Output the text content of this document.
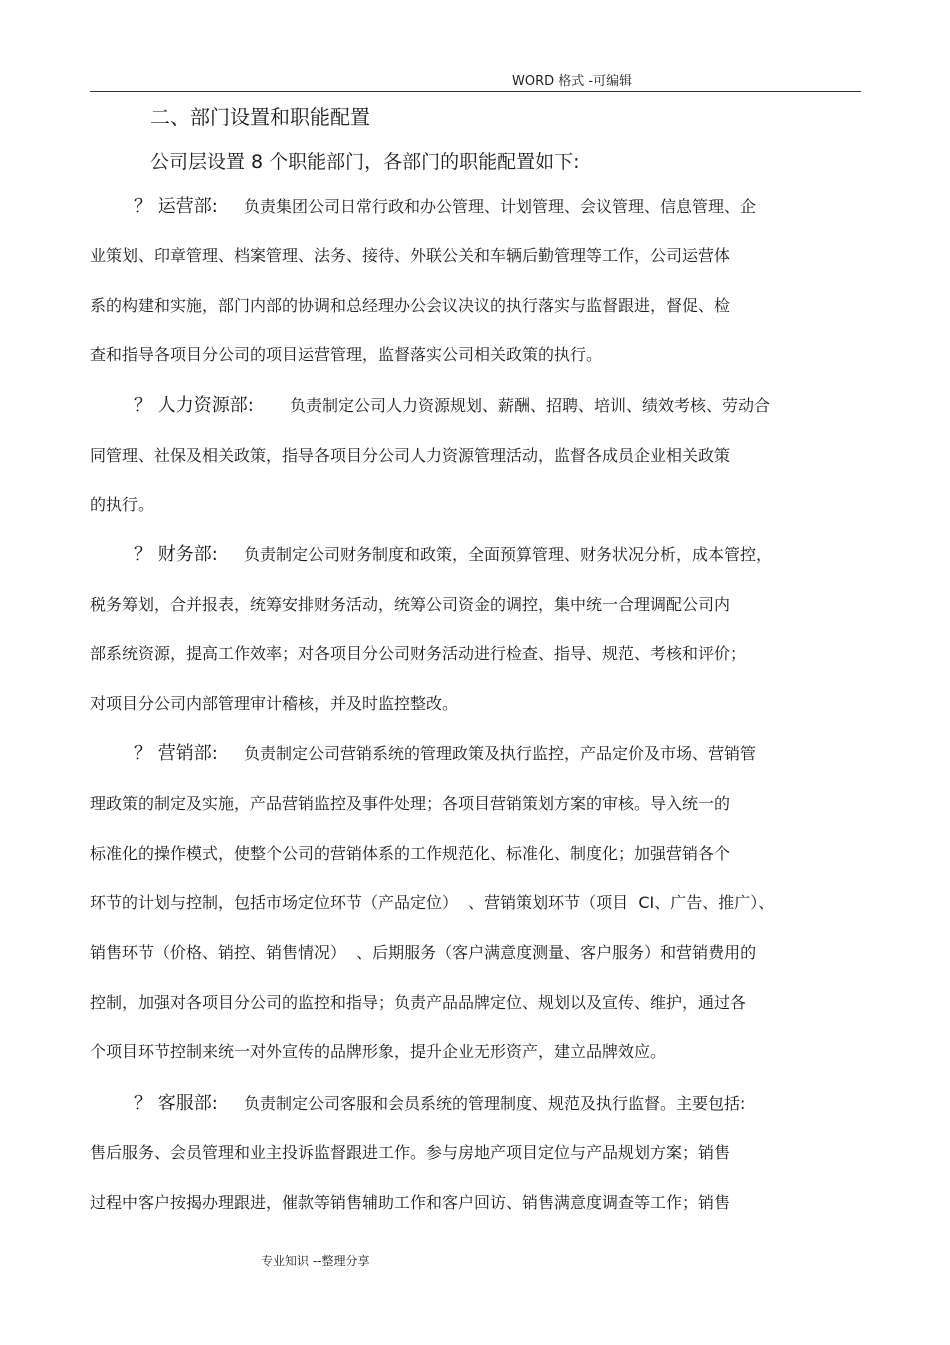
WORD 格式 -可编辑
二、部门设置和职能配置
公司层设置 8 个职能部门，各部门的职能配置如下:
？ 运营部: 负责集团公司日常行政和办公管理、计划管理、会议管理、信息管理、企
业策划、印章管理、档案管理、法务、接待、外联公关和车辆后勤管理等工作，公司运营体
系的构建和实施，部门内部的协调和总经理办公会议决议的执行落实与监督跟进，督促、检
查和指导各项目分公司的项目运营管理，监督落实公司相关政策的执行。
？ 人力资源部: 负责制定公司人力资源规划、薪酬、招聘、培训、绩效考核、劳动合
同管理、社保及相关政策，指导各项目分公司人力资源管理活动，监督各成员企业相关政策
的执行。
？ 财务部: 负责制定公司财务制度和政策，全面预算管理、财务状况分析，成本管控，
税务筹划，合并报表，统筹安排财务活动，统筹公司资金的调控，集中统一合理调配公司内
部系统资源，提高工作效率；对各项目分公司财务活动进行检查、指导、规范、考核和评价；
对项目分公司内部管理审计稽核，并及时监控整改。
？ 营销部: 负责制定公司营销系统的管理政策及执行监控，产品定价及市场、营销管
理政策的制定及实施，产品营销监控及事件处理；各项目营销策划方案的审核。导入统一的
标准化的操作模式，使整个公司的营销体系的工作规范化、标准化、制度化；加强营销各个
环节的计划与控制，包括市场定位环节（产品定位）  、营销策划环节（项目  CI、广告、推广）、
销售环节（价格、销控、销售情况）  、后期服务（客户满意度测量、客户服务）和营销费用的
控制，加强对各项目分公司的监控和指导；负责产品品牌定位、规划以及宣传、维护，通过各
个项目环节控制来统一对外宣传的品牌形象，提升企业无形资产，建立品牌效应。
？ 客服部: 负责制定公司客服和会员系统的管理制度、规范及执行监督。主要包括:
售后服务、会员管理和业主投诉监督跟进工作。参与房地产项目定位与产品规划方案；销售
过程中客户按揭办理跟进，催款等销售辅助工作和客户回访、销售满意度调查等工作；销售
专业知识 --整理分享
